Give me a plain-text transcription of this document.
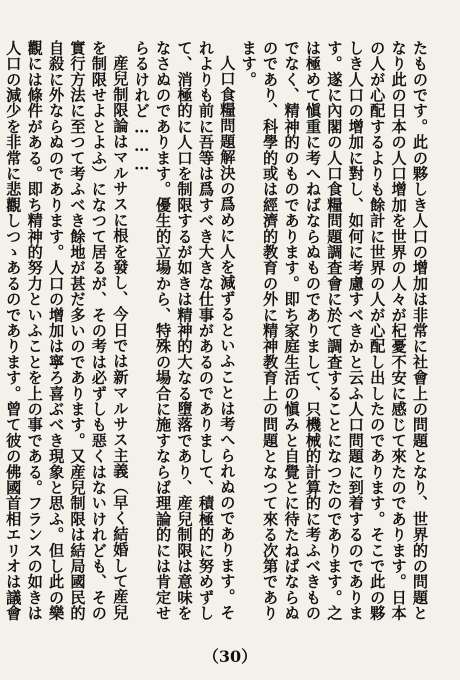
たものです。此の夥しき人口の增加は非常に社會上の問題となり、世界的の問題となり此の日本の人口增加を世界の人々が杞憂不安に感じて來たのであります。日本の人が心配するよりも餘計に世界の人が心配し出したのであります。そこで此の夥しき人口の增加に對し、如何に考慮すべきかと云ふ人口問題に到着するのであります。遂に內閣の人口食糧問題調査會に於て調査することになつたのであります。之は極めて愼重に考へねばならぬものでありまして、只機械的計算的に考ふべきものでなく、精神的のものであります。即ち家庭生活の愼みと自覺とに待たねばならぬのであり、科學的或は經濟的教育の外に精神教育上の問題となつて來る次第であります。

人口食糧問題解決の爲めに人を減ずるといふことは考へられぬのであります。それよりも前に吾等は爲すべき大きな仕事があるのでありまして、積極的に努めずして、消極的に人口を制限するが如きは精神的大なる墮落であり、産兒制限は意味をなさぬのであります。優生的立場から、特殊の場合に施すならば理論的には肯定せらるけれど………

産兒制限論はマルサスに根を發し、今日では新マルサス主義（早く結婚して産兒を制限せよとよふ）になつて居るが、その考は必ずしも惡くはないけれども、その實行方法に至つて考ふべき餘地が甚だ多いのであります。又産兒制限は結局國民的自殺に外ならぬのであります。人口の增加は寧ろ喜ぶべき現象と思ふ。但し此の樂觀には條件がある。即ち精神的努力といふことを上の事である。フランスの如きは人口の減少を非常に悲觀しつゝあるのであります。曾て彼の佛國首相エリオは議會

（30）
